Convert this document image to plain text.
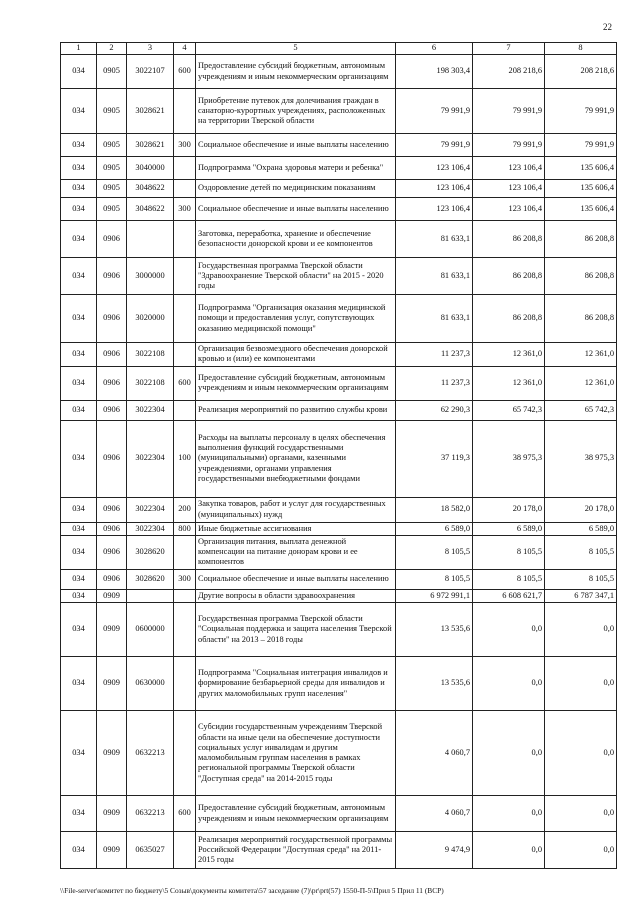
22
1	2	3	4	5	6	7	8
034	0905	3022107	600	Предоставление субсидий бюджетным, автономным учреждениям и иным некоммерческим организациям	198 303,4	208 218,6	208 218,6
034	0905	3028621		Приобретение путевок для долечивания граждан в санаторно-курортных учреждениях, расположенных на территории Тверской области	79 991,9	79 991,9	79 991,9
034	0905	3028621	300	Социальное обеспечение и иные выплаты населению	79 991,9	79 991,9	79 991,9
034	0905	3040000		Подпрограмма "Охрана здоровья матери и ребенка"	123 106,4	123 106,4	135 606,4
034	0905	3048622		Оздоровление детей по медицинским показаниям	123 106,4	123 106,4	135 606,4
034	0905	3048622	300	Социальное обеспечение и иные выплаты населению	123 106,4	123 106,4	135 606,4
034	0906			Заготовка, переработка, хранение и обеспечение безопасности донорской крови и ее компонентов	81 633,1	86 208,8	86 208,8
034	0906	3000000		Государственная программа Тверской области "Здравоохранение Тверской области" на 2015 - 2020 годы	81 633,1	86 208,8	86 208,8
034	0906	3020000		Подпрограмма "Организация оказания медицинской помощи и предоставления услуг, сопутствующих оказанию медицинской помощи"	81 633,1	86 208,8	86 208,8
034	0906	3022108		Организация безвозмездного обеспечения донорской кровью и (или) ее компонентами	11 237,3	12 361,0	12 361,0
034	0906	3022108	600	Предоставление субсидий бюджетным, автономным учреждениям и иным некоммерческим организациям	11 237,3	12 361,0	12 361,0
034	0906	3022304		Реализация мероприятий по развитию службы крови	62 290,3	65 742,3	65 742,3
034	0906	3022304	100	Расходы на выплаты персоналу в целях обеспечения выполнения функций государственными (муниципальными) органами, казенными учреждениями, органами управления государственными внебюджетными фондами	37 119,3	38 975,3	38 975,3
034	0906	3022304	200	Закупка товаров, работ и услуг для государственных (муниципальных) нужд	18 582,0	20 178,0	20 178,0
034	0906	3022304	800	Иные бюджетные ассигнования	6 589,0	6 589,0	6 589,0
034	0906	3028620		Организация питания, выплата денежной компенсации на питание донорам крови и ее компонентов	8 105,5	8 105,5	8 105,5
034	0906	3028620	300	Социальное обеспечение и иные выплаты населению	8 105,5	8 105,5	8 105,5
034	0909			Другие вопросы в области здравоохранения	6 972 991,1	6 608 621,7	6 787 347,1
034	0909	0600000		Государственная программа Тверской области "Социальная поддержка и защита населения Тверской области" на 2013 – 2018 годы	13 535,6	0,0	0,0
034	0909	0630000		Подпрограмма "Социальная интеграция инвалидов и формирование безбарьерной среды для инвалидов и других маломобильных групп населения"	13 535,6	0,0	0,0
034	0909	0632213		Субсидии государственным учреждениям Тверской области на иные цели на обеспечение доступности социальных услуг инвалидам и другим маломобильным группам населения в рамках региональной программы Тверской области "Доступная среда" на 2014-2015 годы	4 060,7	0,0	0,0
034	0909	0632213	600	Предоставление субсидий бюджетным, автономным учреждениям и иным некоммерческим организациям	4 060,7	0,0	0,0
034	0909	0635027		Реализация мероприятий государственной программы Российской Федерации "Доступная среда" на 2011-2015 годы	9 474,9	0,0	0,0
\\File-server\комитет по бюджету\5 Созыв\документы комитета\57 заседание (7)\pr\prt(57) 1550-П-5\Прил 5 Прил 11 (ВСР)
